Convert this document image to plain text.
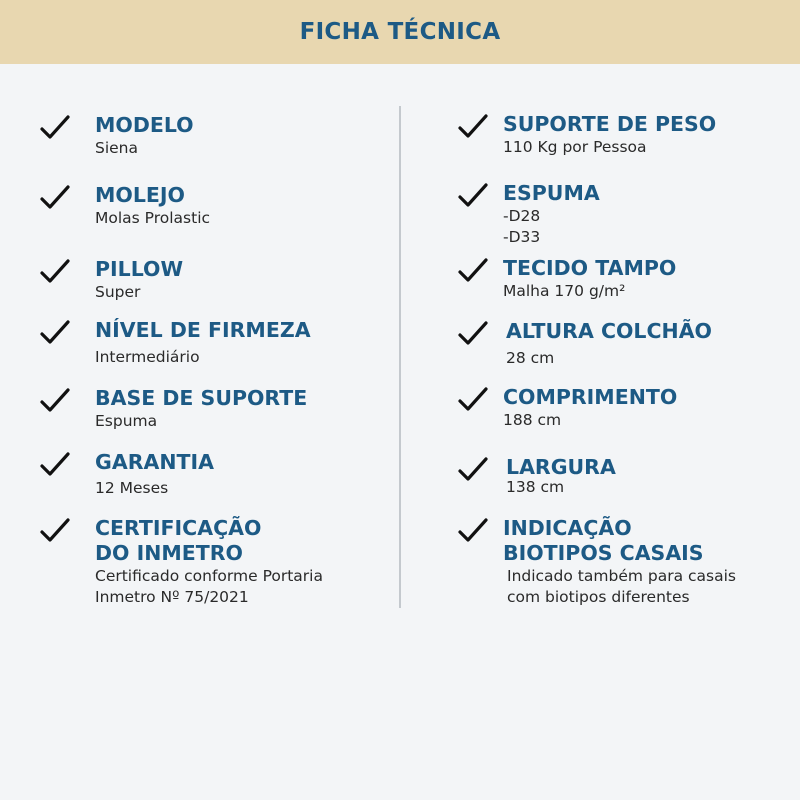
FICHA TÉCNICA
MODELO
Siena
MOLEJO
Molas Prolastic
PILLOW
Super
NÍVEL DE FIRMEZA
Intermediário
BASE DE SUPORTE
Espuma
GARANTIA
12 Meses
CERTIFICAÇÃO
DO INMETRO
Certificado conforme Portaria
Inmetro Nº 75/2021
SUPORTE DE PESO
110 Kg por Pessoa
ESPUMA
-D28
-D33
TECIDO TAMPO
Malha 170 g/m²
ALTURA COLCHÃO
28 cm
COMPRIMENTO
188 cm
LARGURA
138 cm
INDICAÇÃO
BIOTIPOS CASAIS
Indicado também para casais
com biotipos diferentes
